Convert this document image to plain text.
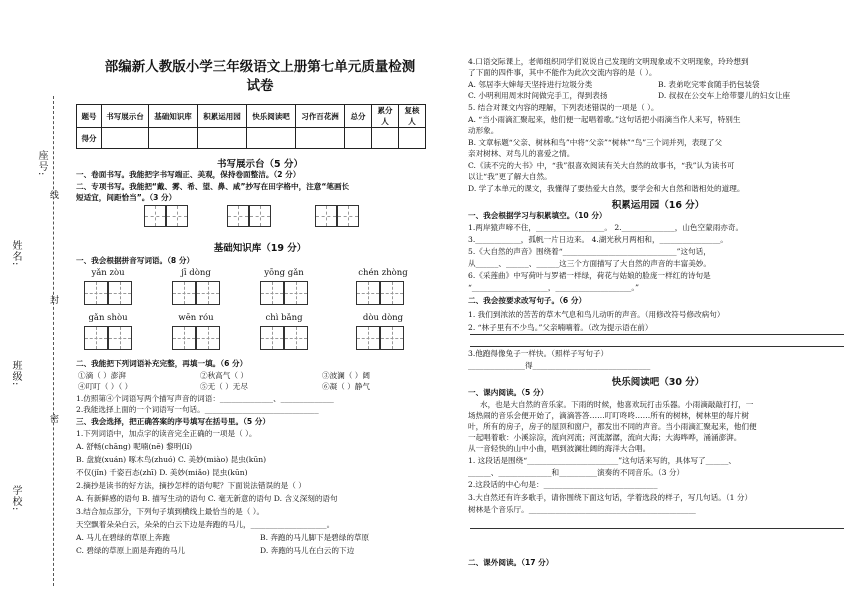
学校:
班级:
姓名:
座号:
线
封
密
部编新人教版小学三年级语文上册第七单元质量检测
试卷
题号	书写展示台	基础知识库	积累运用园	快乐阅读吧	习作百花洲	总分	累分人	复核人
得分								
书写展示台（5 分）
一、卷面书写。我能把字书写端正、美观，保持卷面整洁。（2 分）
二、专项书写。我能把“戴、雾、希、望、鼻、咸”抄写在田字格中，注意“笔画长
短适宜，间距恰当”。（3 分）
基础知识库（19 分）
一、我会根据拼音写词语。（8 分）
yǎn zòu	jī dòng	yōng gǎn	chén zhòng
gǎn shòu	wēn róu	chì bǎng	dòu dòng
二、我能把下列词语补充完整，再填一填。（6 分）
①滴（ ）澎湃	②秋高气（ ）	③波澜（ ）阔
④叮叮（ ）（ ）	⑤无（ ）无尽	⑥凝（ ）静气
1.仿照第④个词语写两个描写声音的词语：______________、______________
2.我能选择上面的一个词语写一句话。______________________________
三、我会选择，把正确答案的序号填写在括号里。（5 分）
1.下列词语中，加点字的读音完全正确的一项是（ ）。
A. 舒畅(chāng) 呢喃(nē) 黎明(lí)
B. 盘旋(xuán) 啄木鸟(zhuó) C. 美妙(miào) 昆虫(kūn)
不仅(jǐn) 千姿百态(zhī) D. 美妙(miǎo) 昆虫(kūn)
2.摘抄是读书的好方法，摘抄怎样的语句呢？下面说法错误的是（ ）
A. 有新鲜感的语句 B. 描写生动的语句 C. 毫无新意的语句 D. 含义深刻的语句
3.结合加点部分，下列句子填到横线上最恰当的是（ ）。
天空飘着朵朵白云，朵朵的白云下边是奔跑的马儿，____________________。
A. 马儿在碧绿的草原上奔跑	B. 奔跑的马儿脚下是碧绿的草原
C. 碧绿的草原上面是奔跑的马儿	D. 奔跑的马儿在白云的下边
4.口语交际课上，老师组织同学们说说自己发现的文明现象或不文明现象，玲玲想到
了下面的四件事，其中不能作为此次交流内容的是（ ）。
A. 邻居李大婶每天坚持进行垃圾分类	B. 表弟吃完零食随手扔包装袋
C. 小明利用周末时间做完手工，得到表扬	D. 叔叔在公交车上给带婴儿的妇女让座
5. 结合对课文内容的理解，下列表述错误的一项是（ ）。
A. “当小雨滴汇聚起来，他们便一起唱着歌。”这句话把小雨滴当作人来写，特别生
动形象。
B. 文章标题“父亲、树林和鸟”中将“父亲”“树林”“鸟”三个词并列，表现了父
亲对树林、对鸟儿的喜爱之情。
C.《读不完的大书》中，“我”很喜欢阅读有关大自然的故事书，“我”认为读书可
以让“我”更了解大自然。
D. 学了本单元的课文，我懂得了要热爱大自然，要学会和大自然和谐相处的道理。
积累运用园（16 分）
一、我会根据学习与积累填空。（10 分）
1.两岸猿声啼不住，__________________。 2.______________，山色空蒙雨亦奇。
3.____________，孤帆一片日边来。 4.湖光秋月两相和，________________。
5.《大自然的声音》围绕着“______________________________”这句话，
从______、______、______这三个方面描写了大自然的声音的丰富美妙。
6.《采莲曲》中写荷叶与罗裙一样绿，荷花与姑娘的脸庞一样红的诗句是
“____________________，____________________。”
二、我会按要求改写句子。（6 分）
1. 我们到浓浓的苦苦的草木气息和鸟儿动听的声音。（用修改符号修改病句）
2. “林子里有不少鸟。”父亲喃喃着。（改为提示语在前）
3.他跑得像兔子一样快。（照样子写句子）
_______________得_______________________________
快乐阅读吧（30 分）
一、课内阅读。（5 分）
水，也是大自然的音乐家。下雨的时候，他喜欢玩打击乐器。小雨滴敲敲打打，一
场热闹的音乐会便开始了，滴滴答答……叮叮咚咚……所有的树林，树林里的每片树
叶，所有的房子，房子的屋顶和窗户，都发出不同的声音。当小雨滴汇聚起来，他们便
一起唱着歌：小溪淙淙，流向河流；河流潺潺，流向大海；大海哗哗，涌涌澎湃。
从一音轻快的山中小曲，唱到波澜壮阔的海洋大合唱。
1. 这段话是围绕“________________________”这句话来写的，具体写了______、
______、______________和__________演奏的不同音乐。（3 分）
2.这段话的中心句是：______________________________
3.大自然还有许多歌手，请你围绕下面这句话，学着选段的样子，写几句话。（1 分）
树林是个音乐厅。____________________________________________
二、课外阅读。（17 分）
